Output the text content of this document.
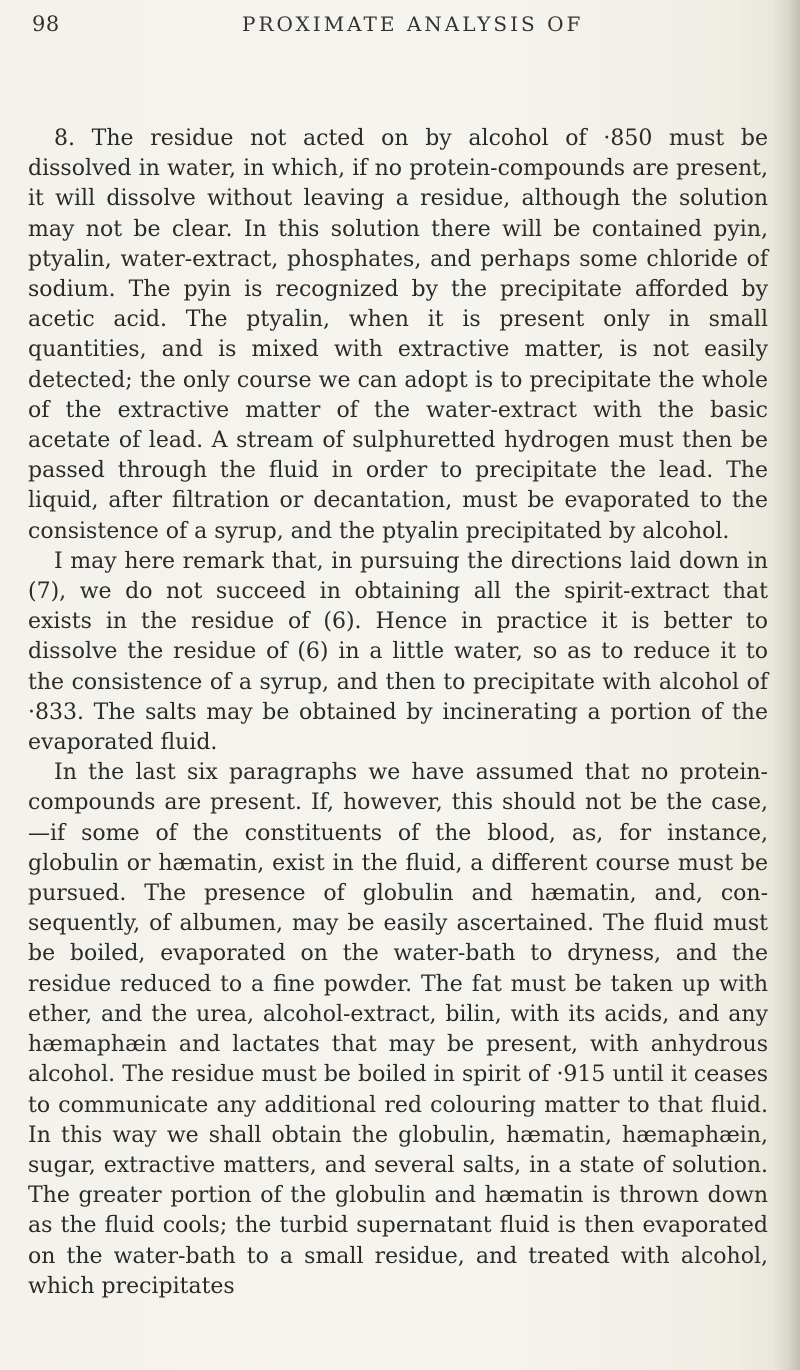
98	PROXIMATE ANALYSIS OF

8. The residue not acted on by alcohol of ·850 must be dissolved in water, in which, if no protein-compounds are present, it will dissolve without leaving a residue, although the solution may not be clear. In this solution there will be contained pyin, ptyalin, water-extract, phosphates, and perhaps some chloride of sodium. The pyin is recognized by the precipitate afforded by acetic acid. The ptyalin, when it is present only in small quantities, and is mixed with extractive matter, is not easily detected; the only course we can adopt is to precipitate the whole of the extractive matter of the water-extract with the basic acetate of lead. A stream of sulphuretted hydrogen must then be passed through the fluid in order to precipitate the lead. The liquid, after filtration or decantation, must be evaporated to the consistence of a syrup, and the ptyalin precipitated by alcohol.

I may here remark that, in pursuing the directions laid down in (7), we do not succeed in obtaining all the spirit-extract that exists in the residue of (6). Hence in practice it is better to dissolve the residue of (6) in a little water, so as to reduce it to the consistence of a syrup, and then to precipitate with alcohol of ·833. The salts may be obtained by incinerating a portion of the evaporated fluid.

In the last six paragraphs we have assumed that no protein-compounds are present. If, however, this should not be the case,—if some of the constituents of the blood, as, for instance, globulin or hæmatin, exist in the fluid, a different course must be pursued. The presence of globulin and hæmatin, and, consequently, of albumen, may be easily ascertained. The fluid must be boiled, evaporated on the water-bath to dryness, and the residue reduced to a fine powder. The fat must be taken up with ether, and the urea, alcohol-extract, bilin, with its acids, and any hæmaphæin and lactates that may be present, with anhydrous alcohol. The residue must be boiled in spirit of ·915 until it ceases to communicate any additional red colouring matter to that fluid. In this way we shall obtain the globulin, hæmatin, hæmaphæin, sugar, extractive matters, and several salts, in a state of solution. The greater portion of the globulin and hæmatin is thrown down as the fluid cools; the turbid supernatant fluid is then evaporated on the water-bath to a small residue, and treated with alcohol, which precipitates
